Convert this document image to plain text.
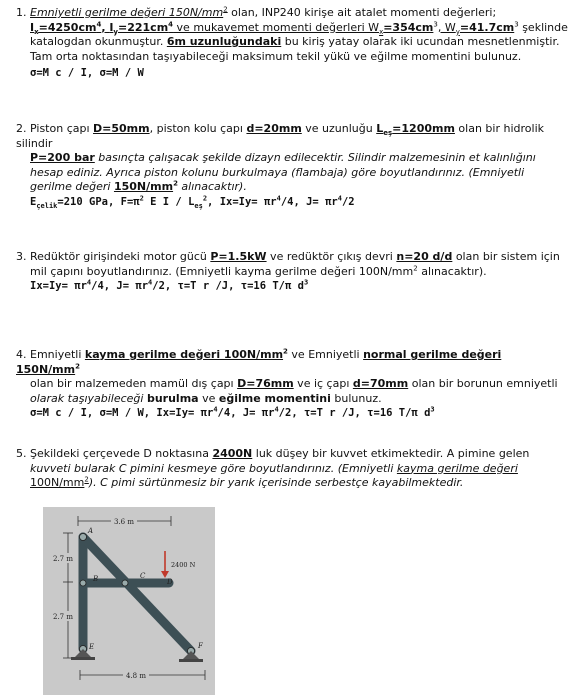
1. Emniyetli gerilme değeri $150N/mm^2$ olan, INP240 kirişe ait atalet momenti değerleri;

$I_x=4250cm^4$, $I_y=221cm^4$ ve mukavemet momenti değerleri $W_x=354cm^3$, $W_y=41.7cm^3$ şeklinde

katalogdan okunmuştur. 6m uzunluğundaki bu kiriş yatay olarak iki ucundan mesnetlenmiştir.

Tam orta noktasından taşıyabileceği maksimum tekil yükü ve eğilme momentini bulunuz.

σ=M c / I, σ=M / W

2. Piston çapı D=50mm, piston kolu çapı d=20mm ve uzunluğu $L_{eş}=1200mm$ olan bir hidrolik silindir

P=200 bar basınçta çalışacak şekilde dizayn edilecektir. Silindir malzemesinin et kalınlığını

hesap ediniz. Ayrıca piston kolunu burkulmaya (flambaja) göre boyutlandırınız. (Emniyetli

gerilme değeri $150N/mm^2$ alınacaktır).

$E_{çelik}=210$ GPa, $F=\pi^2$ E I / $L_{eş}^2$, $Ix=Iy= \pi r^4/4$, $J= \pi r^4/2$

3. Redüktör girişindeki motor gücü P=1.5kW ve redüktör çıkış devri n=20 d/d olan bir sistem için

mil çapını boyutlandırınız. (Emniyetli kayma gerilme değeri $100N/mm^2$ alınacaktır).

$Ix=Iy= \pi r^4/4$, $J= \pi r^4/2$, τ=T r /J, τ=16 T/π $d^3$

4. Emniyetli kayma gerilme değeri $100N/mm^2$ ve Emniyetli normal gerilme değeri $150N/mm^2$

olan bir malzemeden mamül dış çapı D=76mm ve iç çapı d=70mm olan bir borunun emniyetli

olarak taşıyabileceği burulma ve eğilme momentini bulunuz.

σ=M c / I, σ=M / W, $Ix=Iy= \pi r^4/4$, $J= \pi r^4/2$, τ=T r /J, τ=16 T/π $d^3$

5. Şekildeki çerçevede D noktasına 2400N luk düşey bir kuvvet etkimektedir. A pimine gelen

kuvveti bularak C pimini kesmeye göre boyutlandırınız. (Emniyetli kayma gerilme değeri

$100N/mm^2$). C pimi sürtünmesiz bir yarık içerisinde serbestçe kayabilmektedir.

3.6 m
2.7 m
2.7 m
4.8 m
2400 N
A
B	C
D
E	F
